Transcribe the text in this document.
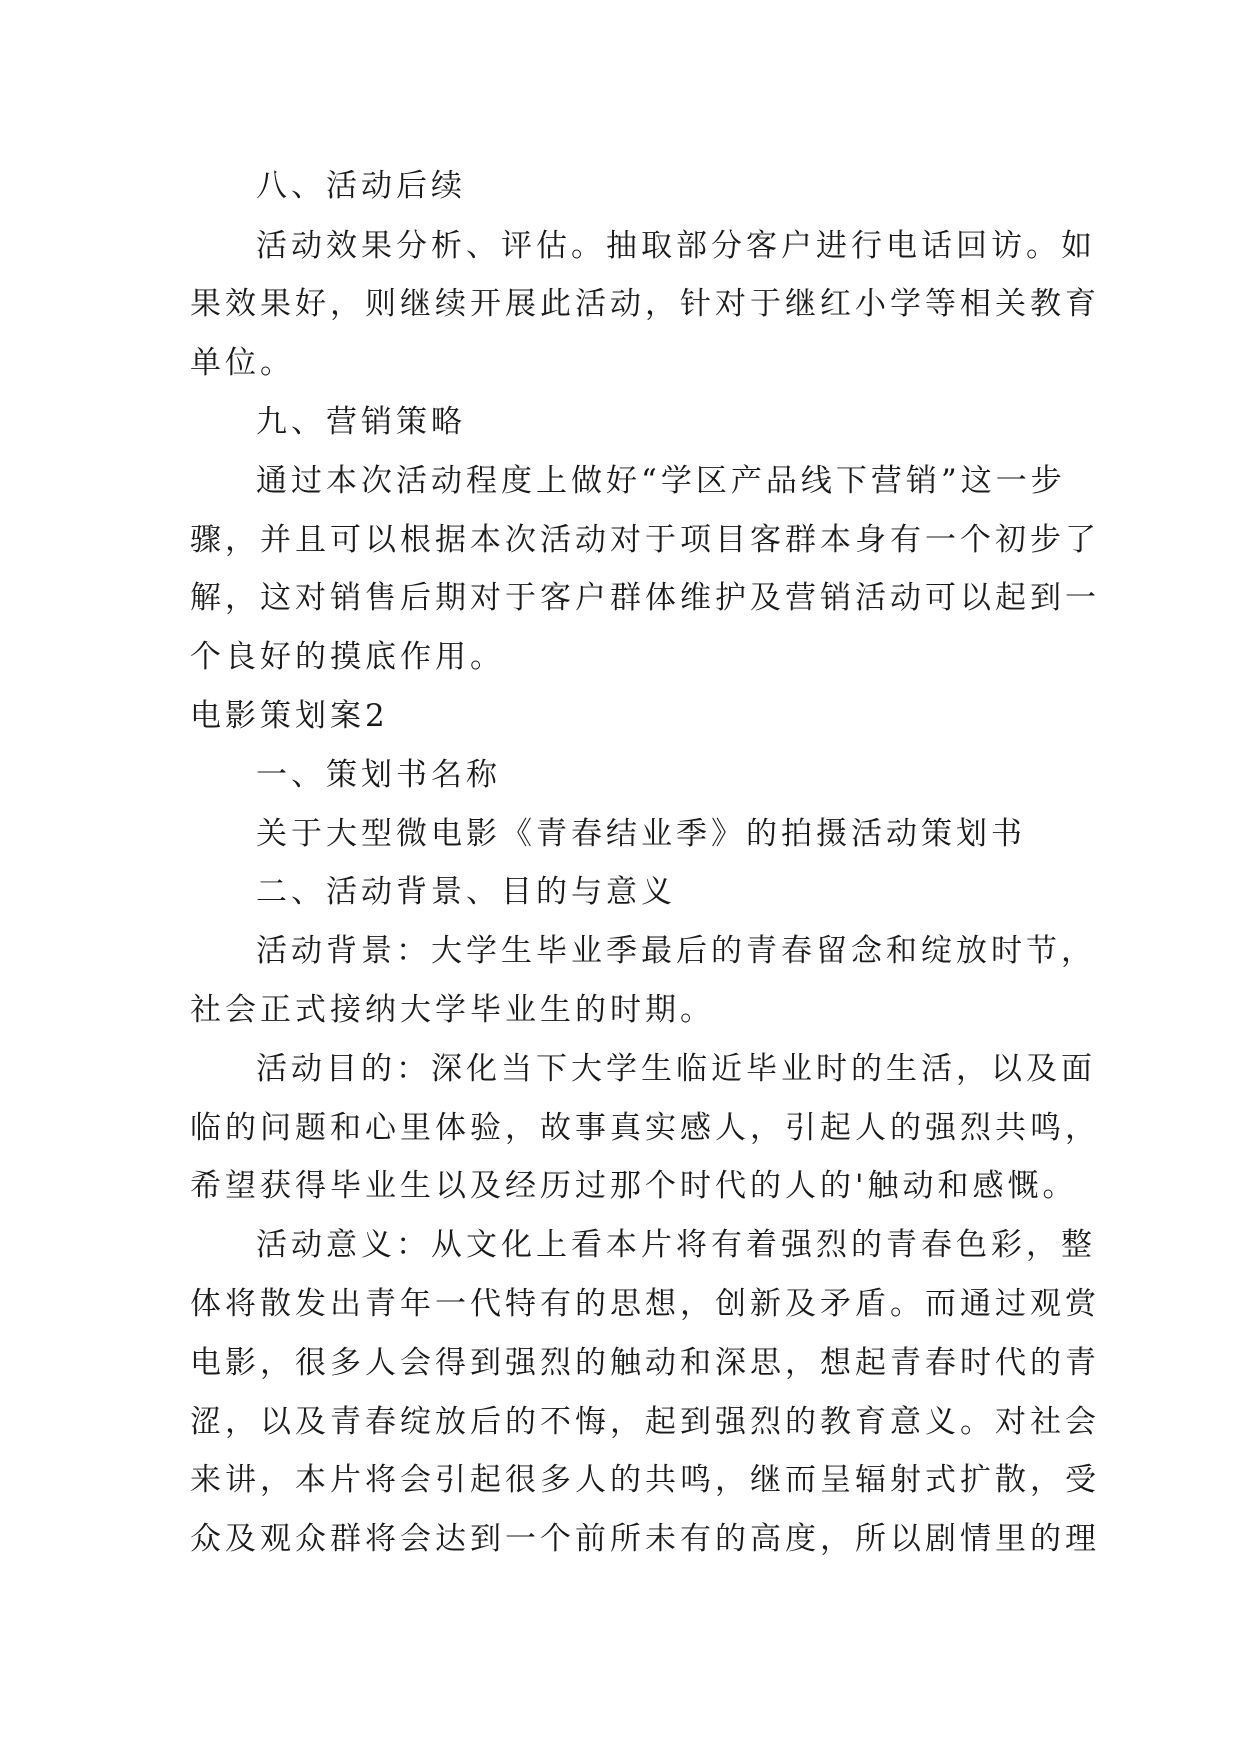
八、活动后续
活动效果分析、评估。抽取部分客户进行电话回访。如
果效果好，则继续开展此活动，针对于继红小学等相关教育
单位。
九、营销策略
通过本次活动程度上做好“学区产品线下营销”这一步
骤，并且可以根据本次活动对于项目客群本身有一个初步了
解，这对销售后期对于客户群体维护及营销活动可以起到一
个良好的摸底作用。
电影策划案2
一、策划书名称
关于大型微电影《青春结业季》的拍摄活动策划书
二、活动背景、目的与意义
活动背景：大学生毕业季最后的青春留念和绽放时节，
社会正式接纳大学毕业生的时期。
活动目的：深化当下大学生临近毕业时的生活，以及面
临的问题和心里体验，故事真实感人，引起人的强烈共鸣，
希望获得毕业生以及经历过那个时代的人的'触动和感慨。
活动意义：从文化上看本片将有着强烈的青春色彩，整
体将散发出青年一代特有的思想，创新及矛盾。而通过观赏
电影，很多人会得到强烈的触动和深思，想起青春时代的青
涩，以及青春绽放后的不悔，起到强烈的教育意义。对社会
来讲，本片将会引起很多人的共鸣，继而呈辐射式扩散，受
众及观众群将会达到一个前所未有的高度，所以剧情里的理
